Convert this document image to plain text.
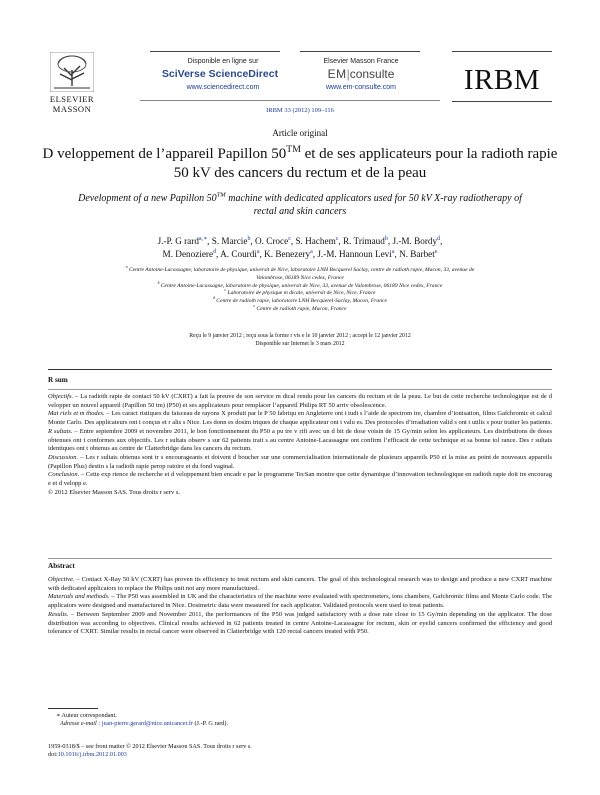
ELSEVIER
MASSON
Disponible en ligne sur
SciVerse ScienceDirect
www.sciencedirect.com
Elsevier Masson France
EM|consulte
www.em-consulte.com	IRBM
IRBM 33 (2012) 109–116
Article original
D veloppement de l’appareil Papillon 50™ et de ses applicateurs pour la radioth rapie 50 kV des cancers du rectum et de la peau
Development of a new Papillon 50™ machine with dedicated applicators used for 50 kV X-ray radiotherapy of rectal and skin cancers
J.-P. G rard$^{a,∗}$, S. Marcie$^b$, O. Croce$^c$, S. Hachem$^c$, R. Trimaud$^b$, J.-M. Bordy$^d$,
M. Denoziere$^d$, A. Courdi$^a$, K. Benezery$^a$, J.-M. Hannoun Levi$^a$, N. Barbet$^e$
$^a$ Centre Antoine-Lacassagne, laboratoire de physique, universit de Nice, laboratoire LNH Becquerel Saclay, centre de radioth rapie, Macon, 33, avenue de
Valombrose, 06189 Nice cedex, France
$^b$ Centre Antoine-Lacassagne, laboratoire de physique, universit de Nice, 33, avenue de Valombrose, 06189 Nice cedex, France
$^c$ Laboratoire de physique m dicale, universit de Nice, Nice, France
$^d$ Centre de radioth rapie, laboratoire LNH Becquerel-Saclay, Macon, France
$^e$ Centre de radioth rapie, Macon, France
Reçu le 9 janvier 2012 ; reçu sous la forme r vis e le 10 janvier 2012 ; accept le 12 janvier 2012
Disponible sur Internet le 3 mars 2012
R sum

Objectifs. – La radioth rapie de contact 50 kV (CXRT) a fait la preuve de son service m dical rendu pour les cancers du rectum et de la peau. Le but de cette recherche technologique est de d velopper un nouvel appareil (Papillon 50 tm) (P50) et ses applicateurs pour remplacer l’appareil Philips RT 50 arriv obsolescence.

Mat riels et m thodes. – Les caract ristiques du faisceau de rayons X produit par le P 50 fabriqu en Angleterre ont t tudi s l’aide de spectrom tre, chambre d’ionisation, films Gafchromic et calcul Monte Carlo. Des applicateurs ont t conçus et r alis s Nice. Les donn es dosim triques de chaque applicateur ont t valu es. Des protocoles d’irradiation valid s ont t utilis s pour traiter les patients.

R sultats. – Entre septembre 2009 et novembre 2011, le bon fonctionnement du P50 a pu tre v rifi avec un d bit de dose voisin de 15 Gy/min selon les applicateurs. Les distributions de doses obtenues ont t conformes aux objectifs. Les r sultats observ s sur 62 patients trait s au centre Antoine-Lacassagne ont confirm l’efficacit de cette technique et sa bonne tol rance. Des r sultats identiques ont t obtenus au centre de Clatterbridge dans les cancers du rectum.

Discussion. – Les r sultats obtenus sont tr s encourageants et doivent d boucher sur une commercialisation internationale de plusieurs appareils P50 et la mise au point de nouveaux appareils (Papillon Plus) destin s la radioth rapie perop ratoire et du fond vaginal.

Conclusion. – Cette exp rience de recherche et d veloppement bien encadr e par le programme TecSan montre que cette dynamique d’innovation technologique en radioth rapie doit tre encourag e et d velopp e.

© 2012 Elsevier Masson SAS. Tous droits r serv s.

Abstract

Objective. – Contact X-Ray 50 kV (CXRT) has proven its efficiency to treat rectum and skin cancers. The goal of this technological research was to design and produce a new CXRT machine with dedicated applicators to replace the Philips unit not any more manufactured.

Materials and methods. – The P50 was assembled in UK and the characteristics of the machine were evaluated with spectrometers, ions chambers, Gafchromic films and Monte Carlo code. The applicators were designed and manufactured in Nice. Dosimetric data were measured for each applicator. Validated protocols were used to treat patients.

Results. – Between September 2009 and November 2011, the performances of the P50 was judged satisfactory with a dose rate close to 15 Gy/min depending on the applicator. The dose distribution was according to objectives. Clinical results achieved in 62 patients treated in centre Antoine-Lacassagne for rectum, skin or eyelid cancers confirmed the efficiency and good tolerance of CXRT. Similar results in rectal cancer were observed in Clatterbridge with 120 rectal cancers treated with P50.

∗ Auteur correspondant.
Adresse e-mail : jean-pierre.gerard@nice.unicancer.fr (J.-P. G rard).
1959-0318/$ – see front matter © 2012 Elsevier Masson SAS. Tous droits r serv s.
doi:10.1016/j.irbm.2012.01.003
